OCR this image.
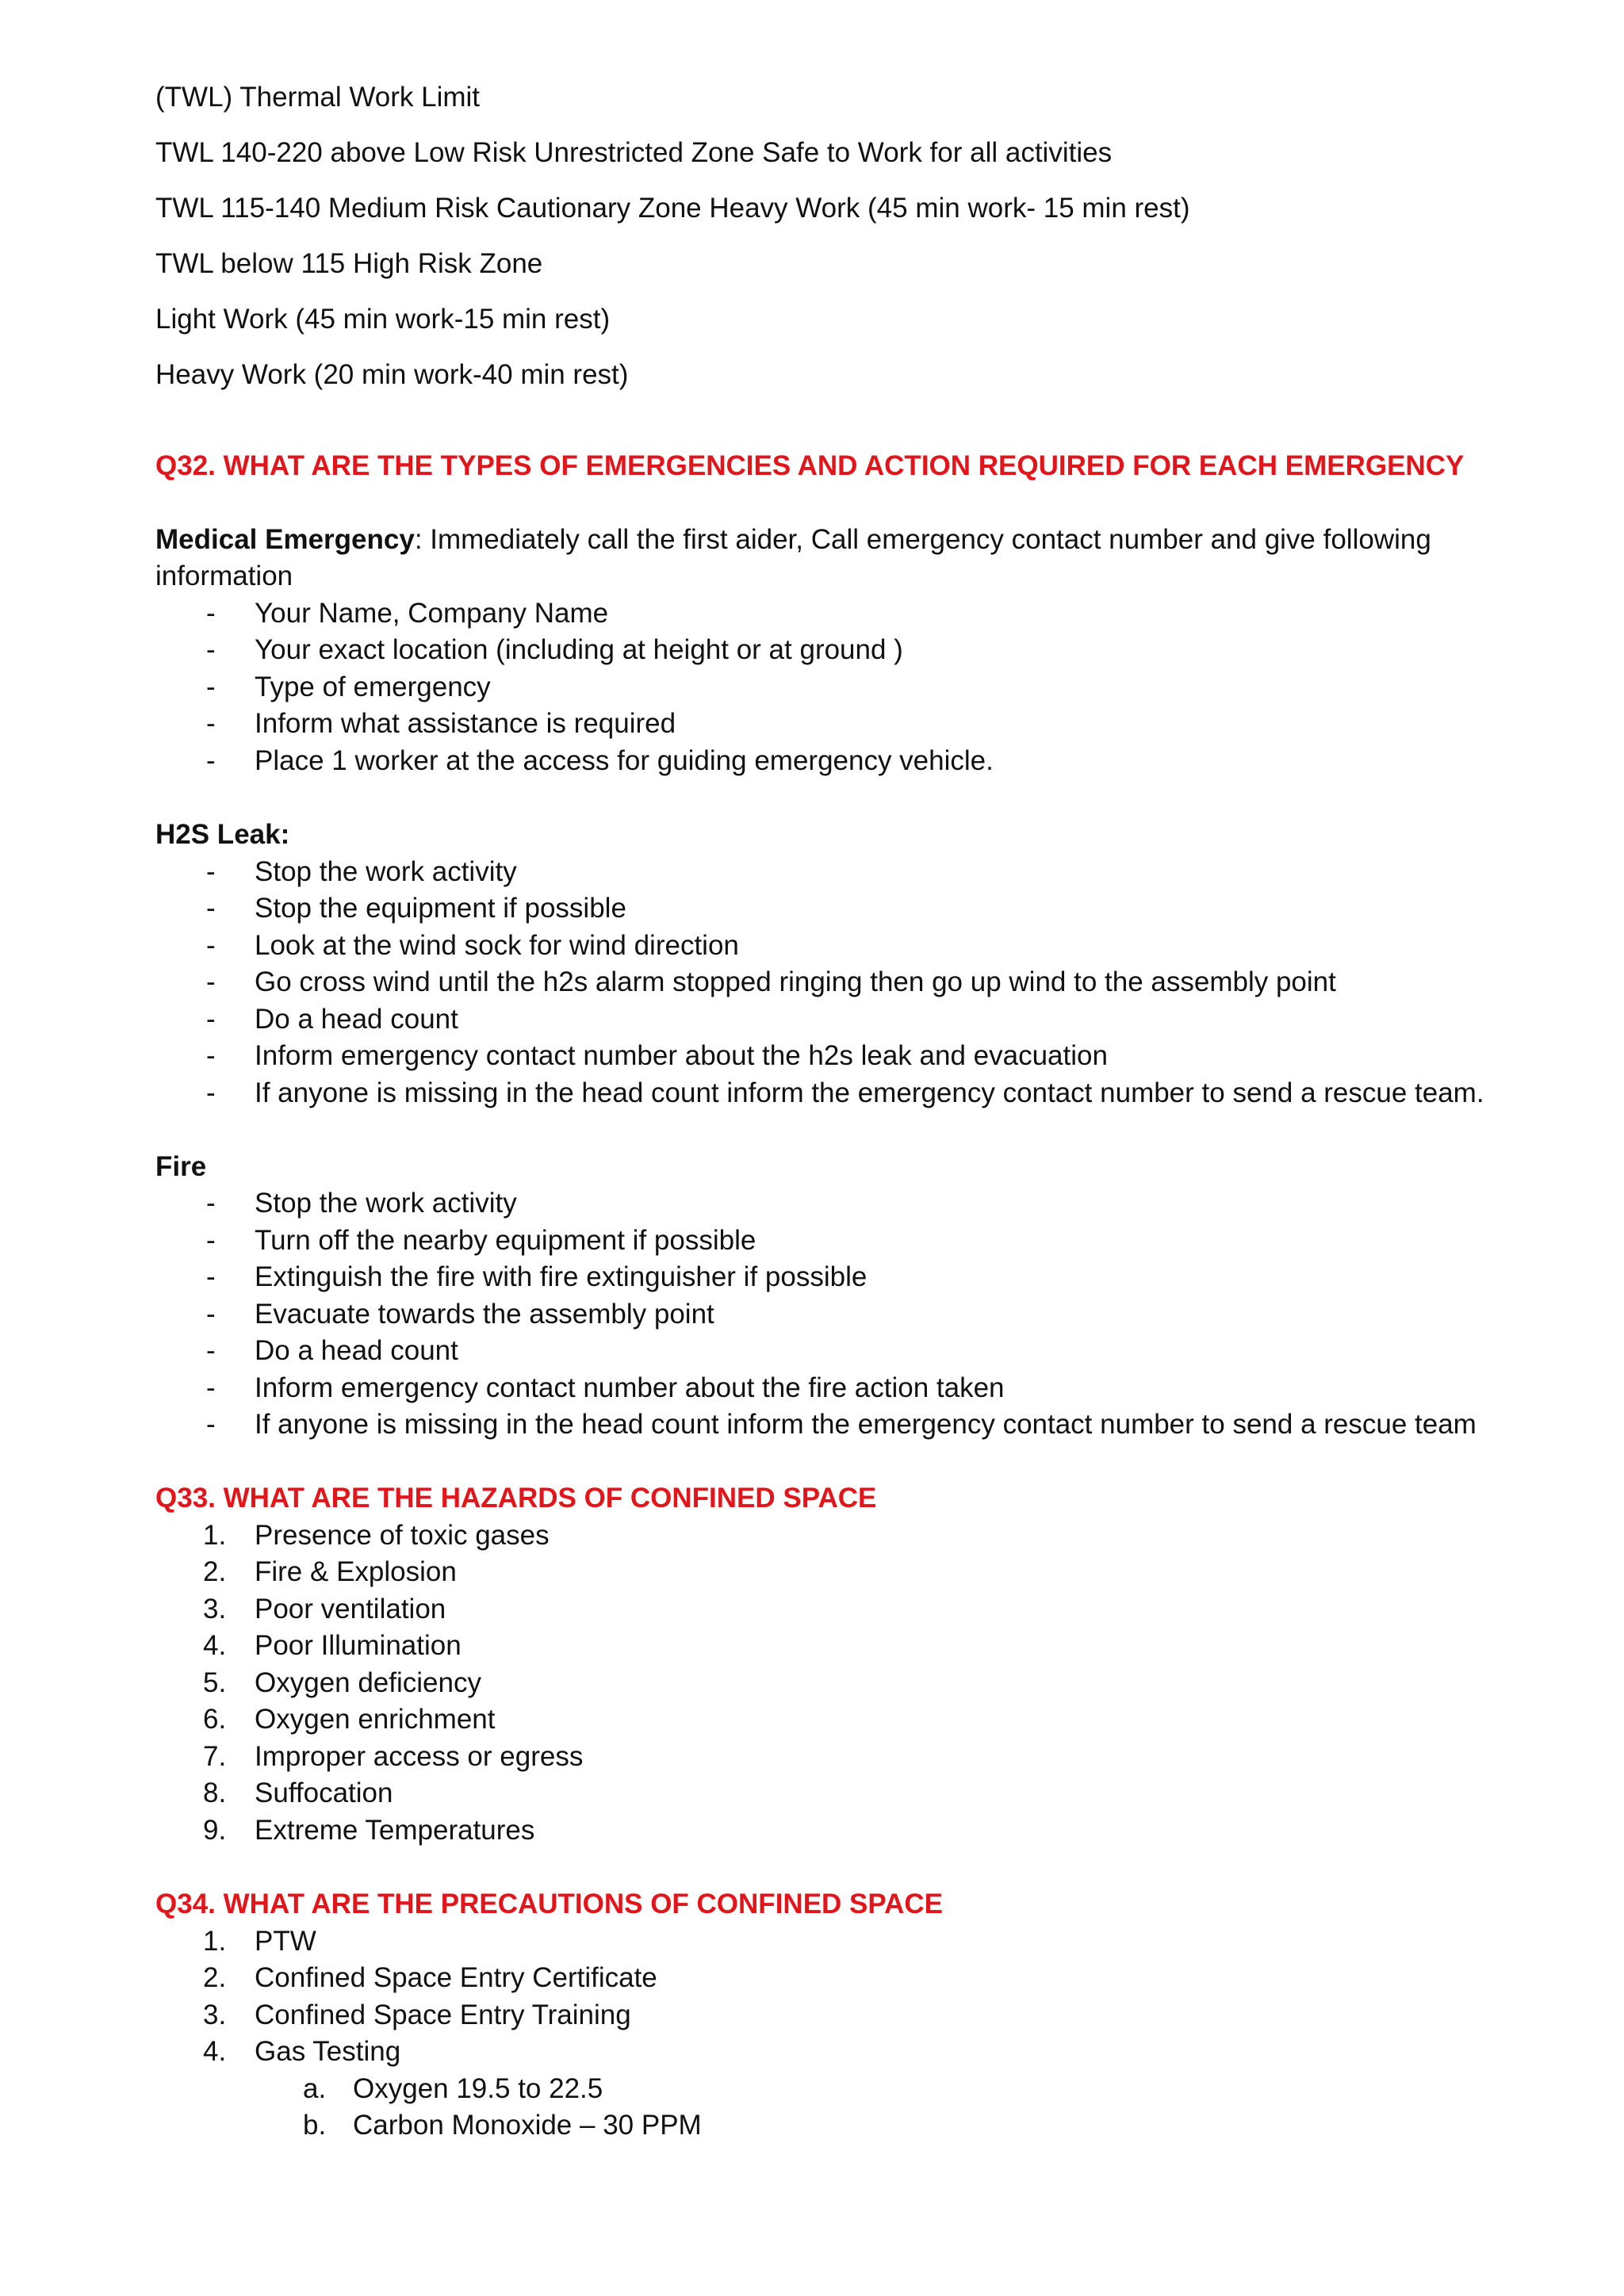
(TWL) Thermal Work Limit
TWL 140-220 above Low Risk Unrestricted Zone Safe to Work for all activities
TWL 115-140 Medium Risk Cautionary Zone Heavy Work (45 min work- 15 min rest)
TWL below 115 High Risk Zone
Light Work (45 min work-15 min rest)
Heavy Work (20 min work-40 min rest)
Q32. WHAT ARE THE TYPES OF EMERGENCIES AND ACTION REQUIRED FOR EACH EMERGENCY
Medical Emergency: Immediately call the first aider, Call emergency contact number and give following
information
- Your Name, Company Name
- Your exact location (including at height or at ground )
- Type of emergency
- Inform what assistance is required
- Place 1 worker at the access for guiding emergency vehicle.
H2S Leak:
- Stop the work activity
- Stop the equipment if possible
- Look at the wind sock for wind direction
- Go cross wind until the h2s alarm stopped ringing then go up wind to the assembly point
- Do a head count
- Inform emergency contact number about the h2s leak and evacuation
- If anyone is missing in the head count inform the emergency contact number to send a rescue team.
Fire
- Stop the work activity
- Turn off the nearby equipment if possible
- Extinguish the fire with fire extinguisher if possible
- Evacuate towards the assembly point
- Do a head count
- Inform emergency contact number about the fire action taken
- If anyone is missing in the head count inform the emergency contact number to send a rescue team
Q33. WHAT ARE THE HAZARDS OF CONFINED SPACE
1. Presence of toxic gases
2. Fire & Explosion
3. Poor ventilation
4. Poor Illumination
5. Oxygen deficiency
6. Oxygen enrichment
7. Improper access or egress
8. Suffocation
9. Extreme Temperatures
Q34. WHAT ARE THE PRECAUTIONS OF CONFINED SPACE
1. PTW
2. Confined Space Entry Certificate
3. Confined Space Entry Training
4. Gas Testing
a. Oxygen 19.5 to 22.5
b. Carbon Monoxide – 30 PPM
